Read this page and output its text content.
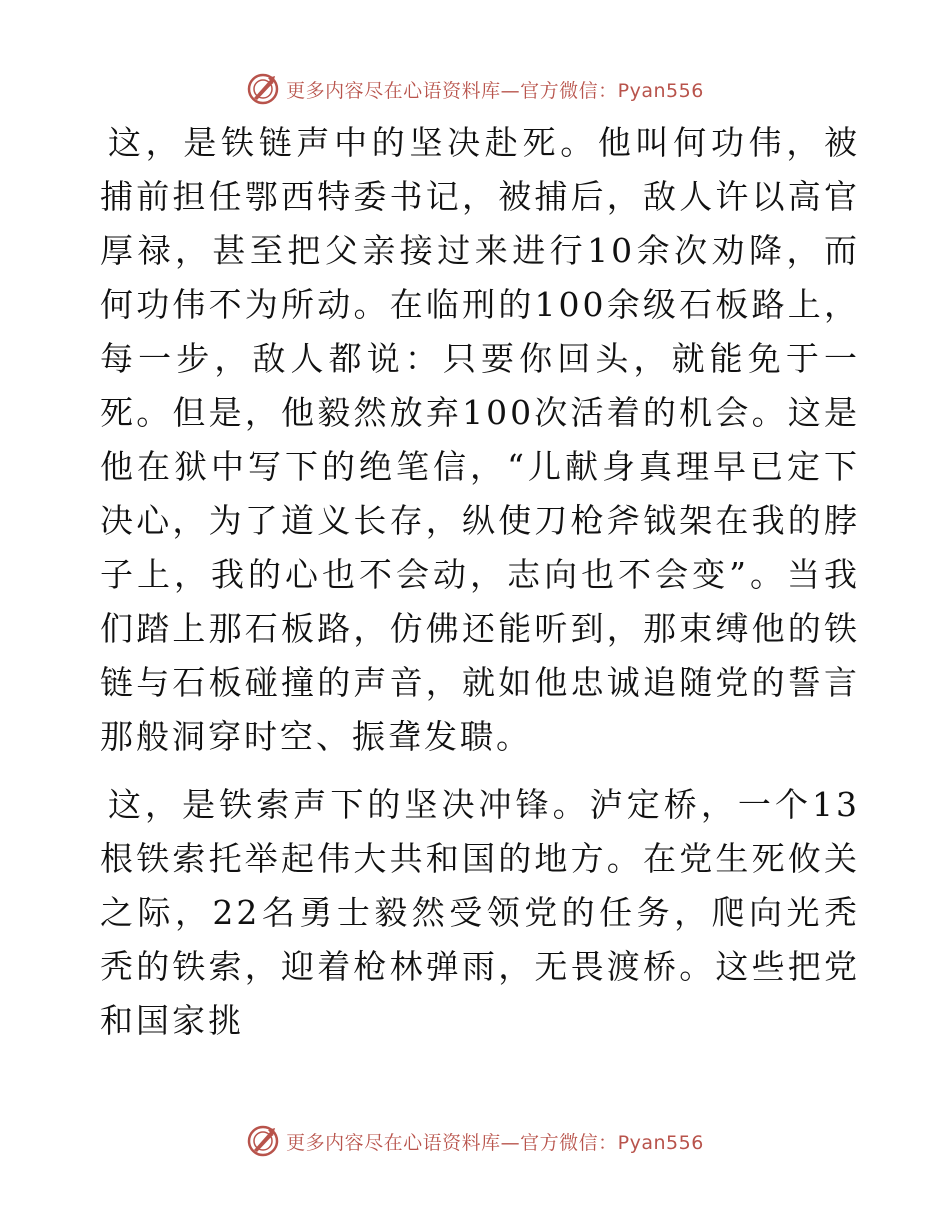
更多内容尽在心语资料库—官方微信：Pyan556

这，是铁链声中的坚决赴死。他叫何功伟，被捕前担任鄂西特委书记，被捕后，敌人许以高官厚禄，甚至把父亲接过来进行10余次劝降，而何功伟不为所动。在临刑的100余级石板路上，每一步，敌人都说：只要你回头，就能免于一死。但是，他毅然放弃100次活着的机会。这是他在狱中写下的绝笔信，“儿献身真理早已定下决心，为了道义长存，纵使刀枪斧钺架在我的脖子上，我的心也不会动，志向也不会变”。当我们踏上那石板路，仿佛还能听到，那束缚他的铁链与石板碰撞的声音，就如他忠诚追随党的誓言那般洞穿时空、振聋发聩。

这，是铁索声下的坚决冲锋。泸定桥，一个13根铁索托举起伟大共和国的地方。在党生死攸关之际，22名勇士毅然受领党的任务，爬向光秃秃的铁索，迎着枪林弹雨，无畏渡桥。这些把党和国家挑

更多内容尽在心语资料库—官方微信：Pyan556
